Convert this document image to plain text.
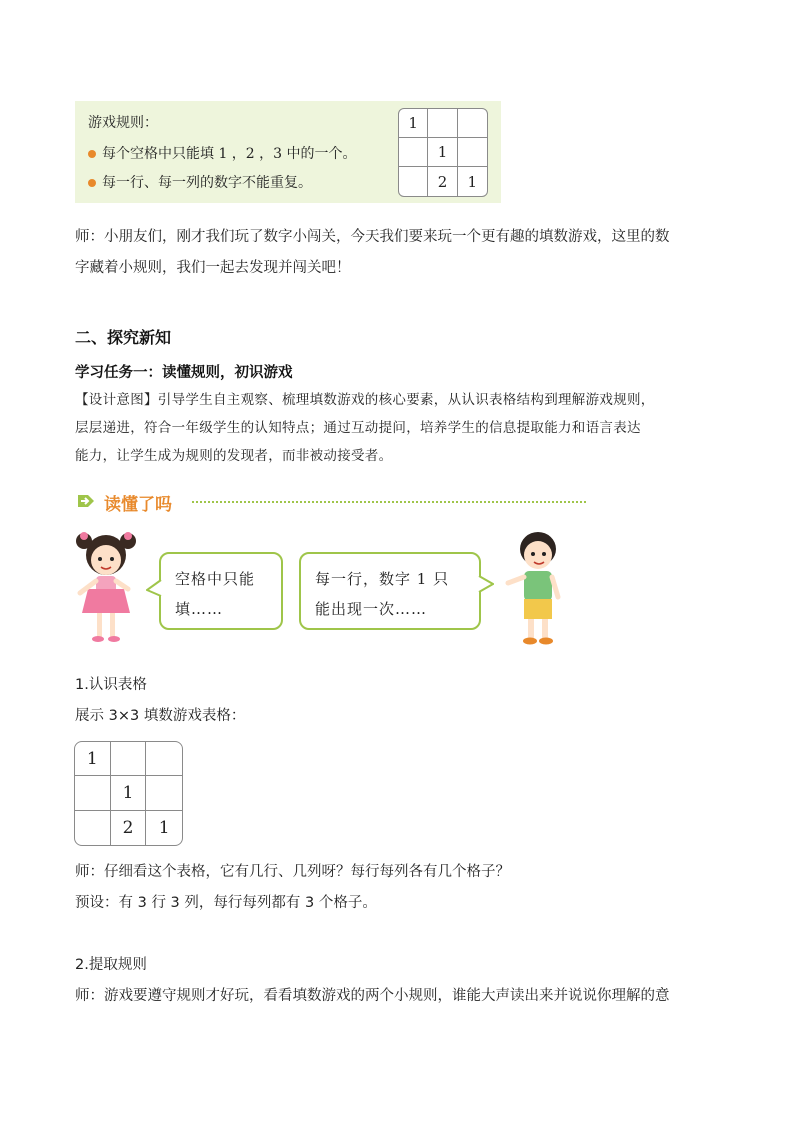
游戏规则：
每个空格中只能填 1 ，2 ，3 中的一个。
每一行、每一列的数字不能重复。
1
1
2	1
师：小朋友们，刚才我们玩了数字小闯关，今天我们要来玩一个更有趣的填数游戏，这里的数
字藏着小规则，我们一起去发现并闯关吧！
二、探究新知
学习任务一：读懂规则，初识游戏
【设计意图】引导学生自主观察、梳理填数游戏的核心要素，从认识表格结构到理解游戏规则，
层层递进，符合一年级学生的认知特点；通过互动提问，培养学生的信息提取能力和语言表达
能力，让学生成为规则的发现者，而非被动接受者。
读懂了吗
空格中只能
填……
每一行，数字 1 只
能出现一次……
1.认识表格
展示 3×3 填数游戏表格：
1
1
2	1
师：仔细看这个表格，它有几行、几列呀？每行每列各有几个格子？
预设：有 3 行 3 列，每行每列都有 3 个格子。
2.提取规则
师：游戏要遵守规则才好玩，看看填数游戏的两个小规则，谁能大声读出来并说说你理解的意
